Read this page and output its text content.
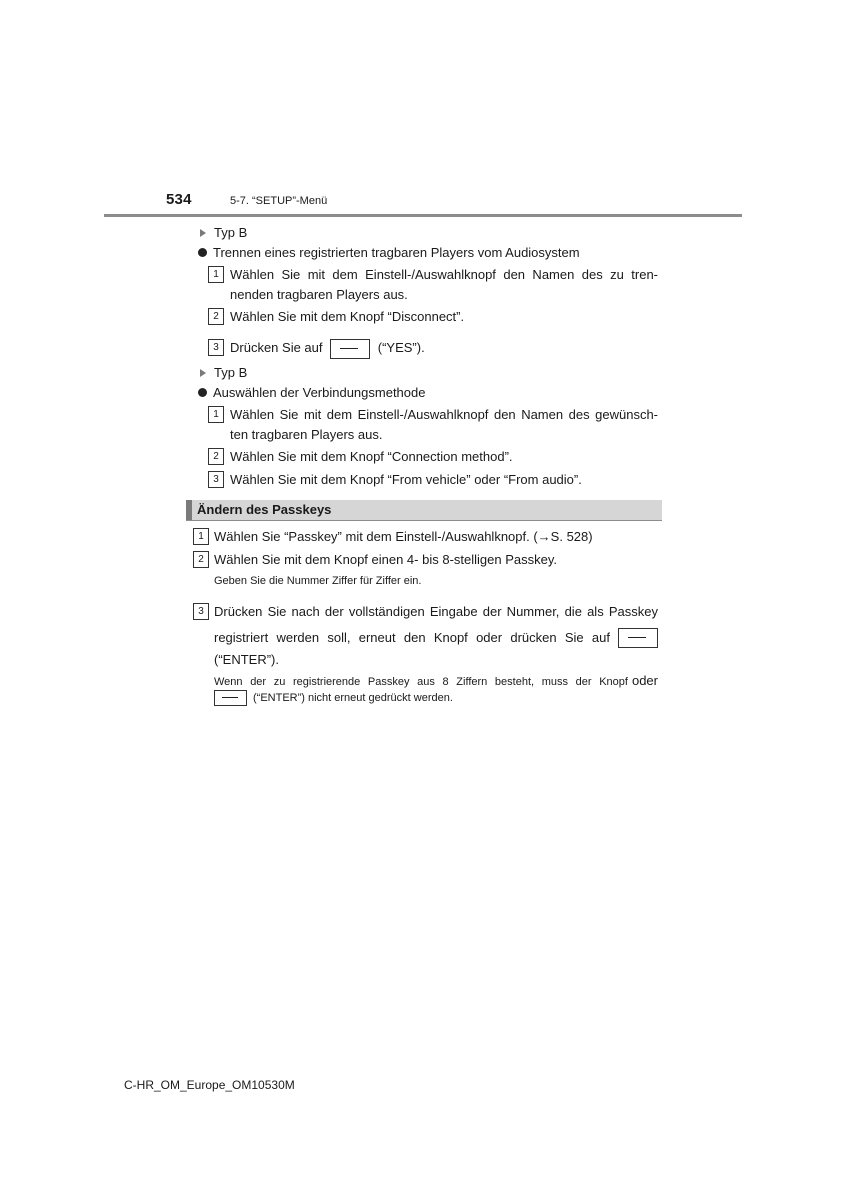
534	5-7. “SETUP”-Menü
Typ B
Trennen eines registrierten tragbaren Players vom Audiosystem
1 Wählen Sie mit dem Einstell-/Auswahlknopf den Namen des zu tren-
nenden tragbaren Players aus.
2 Wählen Sie mit dem Knopf “Disconnect”.
3 Drücken Sie auf	(“YES”).
Typ B
Auswählen der Verbindungsmethode
1 Wählen Sie mit dem Einstell-/Auswahlknopf den Namen des gewünsch-
ten tragbaren Players aus.
2 Wählen Sie mit dem Knopf “Connection method”.
3 Wählen Sie mit dem Knopf “From vehicle” oder “From audio”.
Ändern des Passkeys
1 Wählen Sie “Passkey” mit dem Einstell-/Auswahlknopf. (→S. 528)
2 Wählen Sie mit dem Knopf einen 4- bis 8-stelligen Passkey.
Geben Sie die Nummer Ziffer für Ziffer ein.
3 Drücken Sie nach der vollständigen Eingabe der Nummer, die als Passkey
registriert werden soll, erneut den Knopf oder drücken Sie auf
(“ENTER”).
Wenn der zu registrierende Passkey aus 8 Ziffern besteht, muss der Knopf oder
(“ENTER”) nicht erneut gedrückt werden.
C-HR_OM_Europe_OM10530M
